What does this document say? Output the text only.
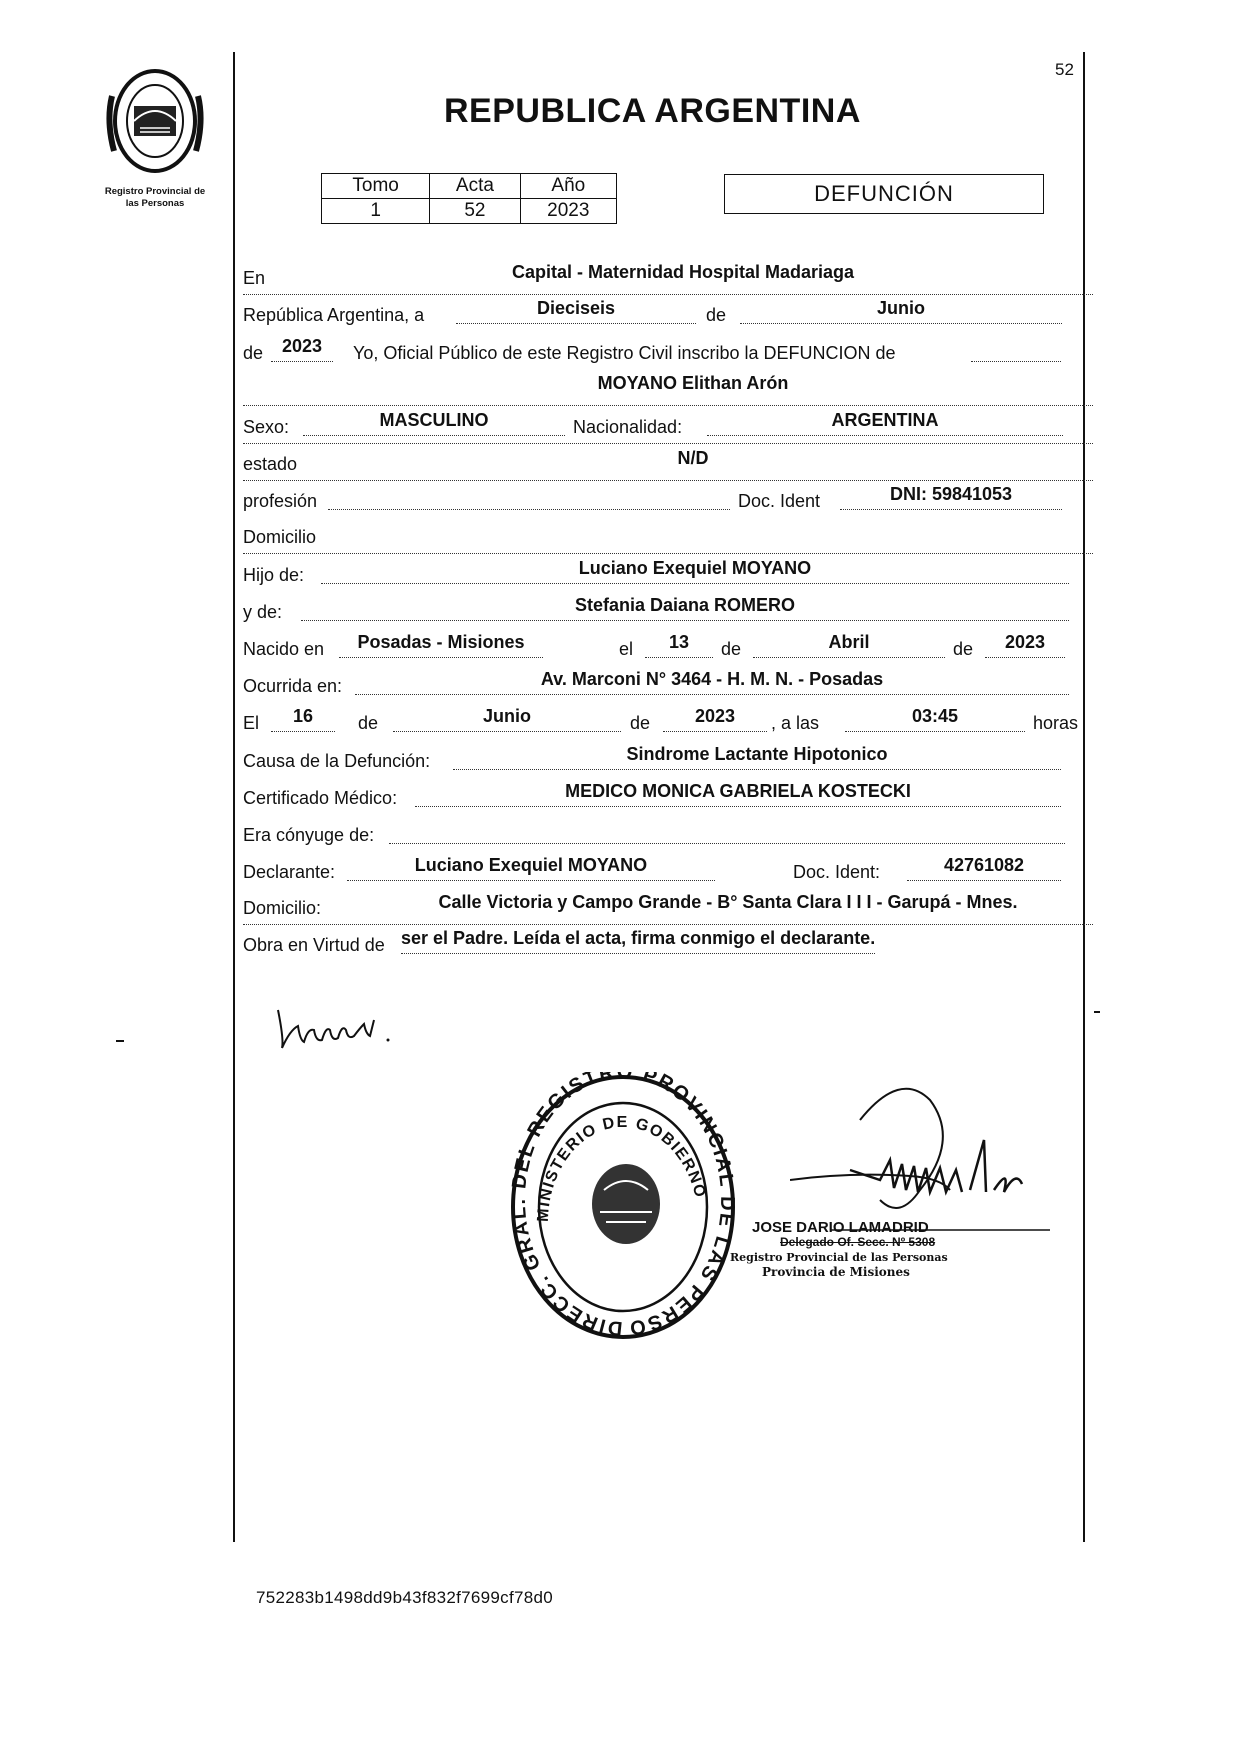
52
Registro Provincial de
las Personas
REPUBLICA ARGENTINA
Tomo	Acta	Año
1	52	2023
DEFUNCIÓN
En	Capital - Maternidad Hospital Madariaga
República Argentina, a	Dieciseis	de	Junio
de	2023	Yo, Oficial Público de este Registro Civil inscribo la DEFUNCION de
MOYANO Elithan Arón
Sexo:	MASCULINO	Nacionalidad:	ARGENTINA
estado	N/D
profesión	Doc. Ident	DNI: 59841053
Domicilio
Hijo de:	Luciano Exequiel MOYANO
y de:	Stefania Daiana ROMERO
Nacido en	Posadas - Misiones	el	13	de	Abril	de	2023
Ocurrida en:	Av. Marconi N° 3464 - H. M. N. - Posadas
El	16	de	Junio	de	2023	, a las	03:45	horas
Causa de la Defunción:	Sindrome Lactante Hipotonico
Certificado Médico:	MEDICO MONICA GABRIELA KOSTECKI
Era cónyuge de:
Declarante:	Luciano Exequiel MOYANO	Doc. Ident:	42761082
Domicilio:	Calle Victoria y Campo Grande - B° Santa Clara I I I - Garupá - Mnes.
Obra en Virtud de ser el Padre. Leída el acta, firma conmigo el declarante.
DIRECC. GRAL. DEL REGISTRO PROVINCIAL DE LAS PERSO
MINISTERIO DE GOBIERNO
JOSE DARIO LAMADRID
Delegado Of. Secc. Nº 5308
Registro Provincial de las Personas
Provincia de Misiones
752283b1498dd9b43f832f7699cf78d0
